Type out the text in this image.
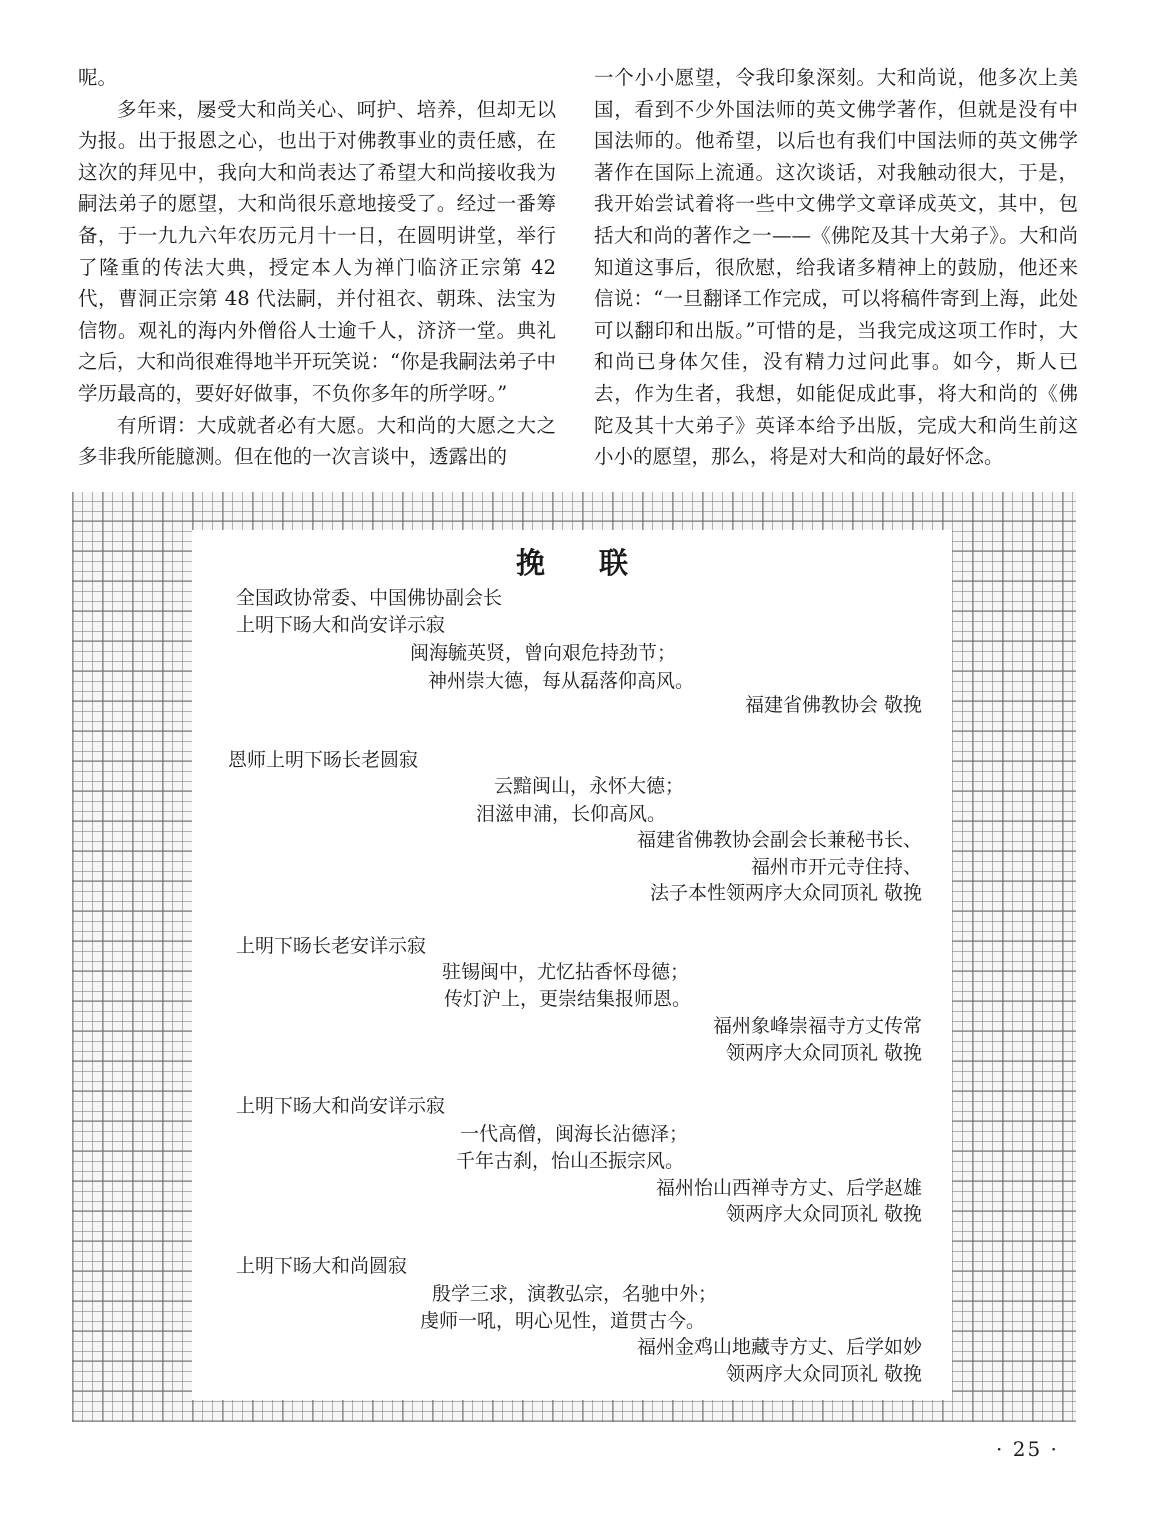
呢。

多年来，屡受大和尚关心、呵护、培养，但却无以为报。出于报恩之心，也出于对佛教事业的责任感，在这次的拜见中，我向大和尚表达了希望大和尚接收我为嗣法弟子的愿望，大和尚很乐意地接受了。经过一番筹备，于一九九六年农历元月十一日，在圆明讲堂，举行了隆重的传法大典，授定本人为禅门临济正宗第 42 代，曹洞正宗第 48 代法嗣，并付祖衣、朝珠、法宝为信物。观礼的海内外僧俗人士逾千人，济济一堂。典礼之后，大和尚很难得地半开玩笑说：“你是我嗣法弟子中学历最高的，要好好做事，不负你多年的所学呀。”

有所谓：大成就者必有大愿。大和尚的大愿之大之多非我所能臆测。但在他的一次言谈中，透露出的

一个小小愿望，令我印象深刻。大和尚说，他多次上美国，看到不少外国法师的英文佛学著作，但就是没有中国法师的。他希望，以后也有我们中国法师的英文佛学著作在国际上流通。这次谈话，对我触动很大，于是，我开始尝试着将一些中文佛学文章译成英文，其中，包括大和尚的著作之一——《佛陀及其十大弟子》。大和尚知道这事后，很欣慰，给我诸多精神上的鼓励，他还来信说：“一旦翻译工作完成，可以将稿件寄到上海，此处可以翻印和出版。”可惜的是，当我完成这项工作时，大和尚已身体欠佳，没有精力过问此事。如今，斯人已去，作为生者，我想，如能促成此事，将大和尚的《佛陀及其十大弟子》英译本给予出版，完成大和尚生前这小小的愿望，那么，将是对大和尚的最好怀念。

挽 联
全国政协常委、中国佛协副会长
上明下旸大和尚安详示寂
闽海毓英贤，曾向艰危持劲节；
神州崇大德，每从磊落仰高风。
福建省佛教协会 敬挽
恩师上明下旸长老圆寂
云黯闽山，永怀大德；
泪滋申浦，长仰高风。
福建省佛教协会副会长兼秘书长、
福州市开元寺住持、
法子本性领两序大众同顶礼 敬挽
上明下旸长老安详示寂
驻锡闽中，尤忆拈香怀母德；
传灯沪上，更崇结集报师恩。
福州象峰崇福寺方丈传常
领两序大众同顶礼 敬挽
上明下旸大和尚安详示寂
一代高僧，闽海长沾德泽；
千年古刹，怡山丕振宗风。
福州怡山西禅寺方丈、后学赵雄
领两序大众同顶礼 敬挽
上明下旸大和尚圆寂
殷学三求，演教弘宗，名驰中外；
虔师一吼，明心见性，道贯古今。
福州金鸡山地藏寺方丈、后学如妙
领两序大众同顶礼 敬挽
· 25 ·
